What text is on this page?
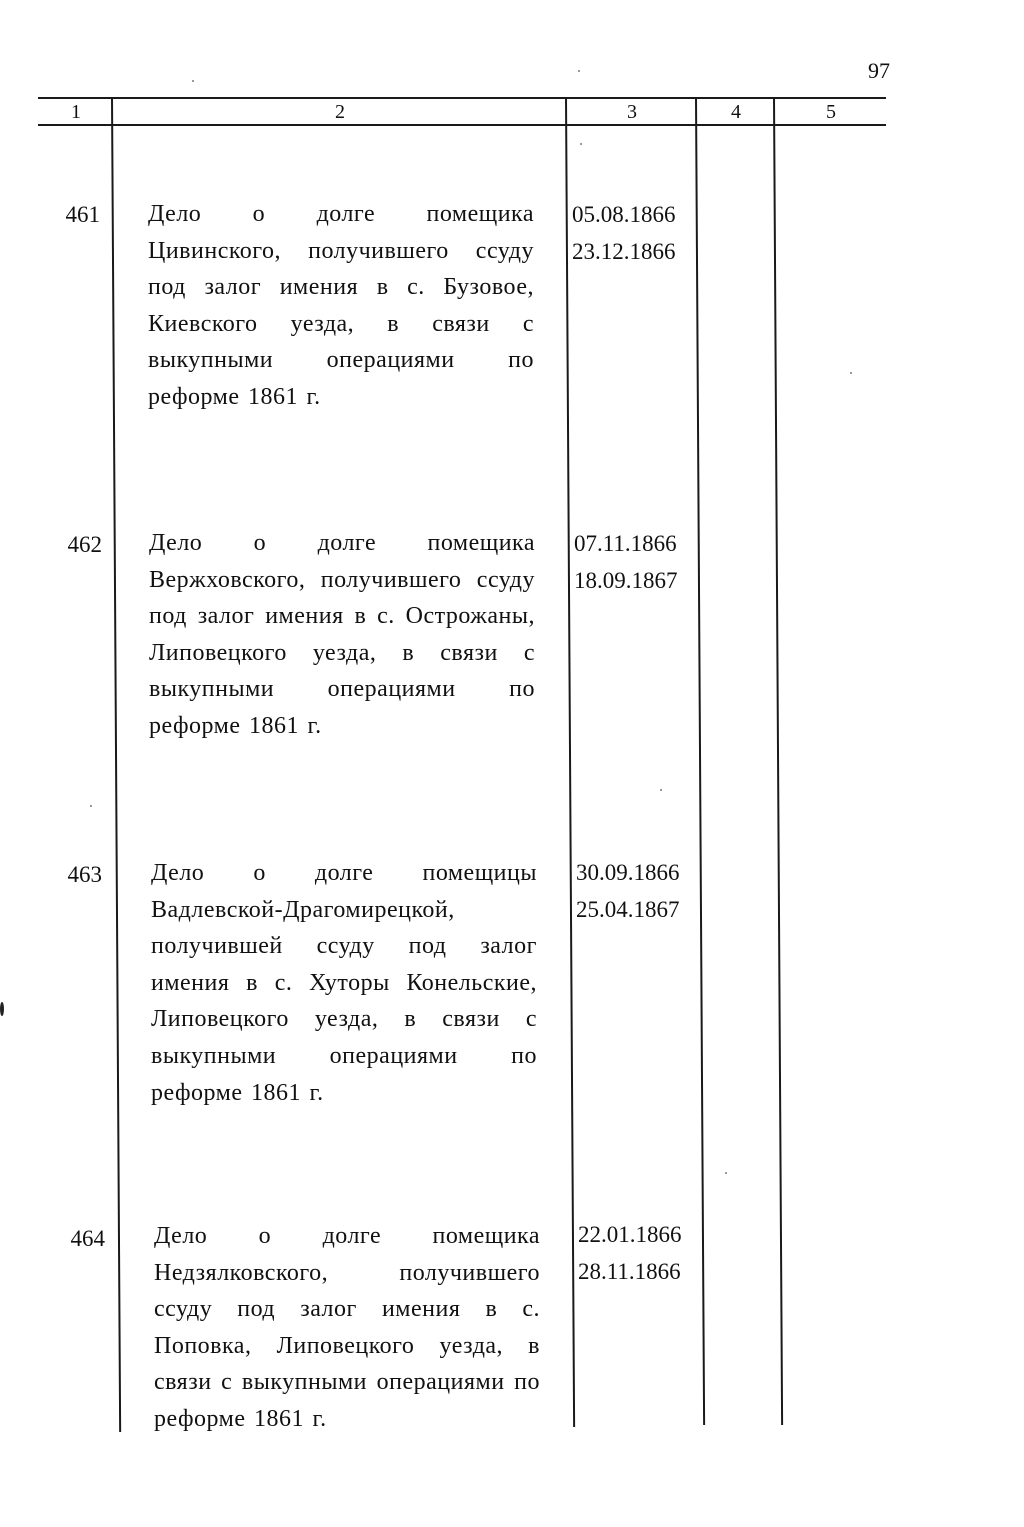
97
1	2	3	4	5
461 Дело о долге помещика Цивинского, получившего ссуду под залог имения в с. Бузовое, Киевского уезда, в связи с выкупными операциями по реформе 1861 г.
05.08.1866
23.12.1866
462 Дело о долге помещика Вержховского, получившего ссуду под залог имения в с. Острожаны, Липовецкого уезда, в связи с выкупными операциями по реформе 1861 г.
07.11.1866
18.09.1867
463 Дело о долге помещицы Вадлевской-Драгомирецкой, получившей ссуду под залог имения в с. Хуторы Конельские, Липовецкого уезда, в связи с выкупными операциями по реформе 1861 г.
30.09.1866
25.04.1867
464 Дело о долге помещика Недзялковского, получившего ссуду под залог имения в с. Поповка, Липовецкого уезда, в связи с выкупными операциями по реформе 1861 г.
22.01.1866
28.11.1866
